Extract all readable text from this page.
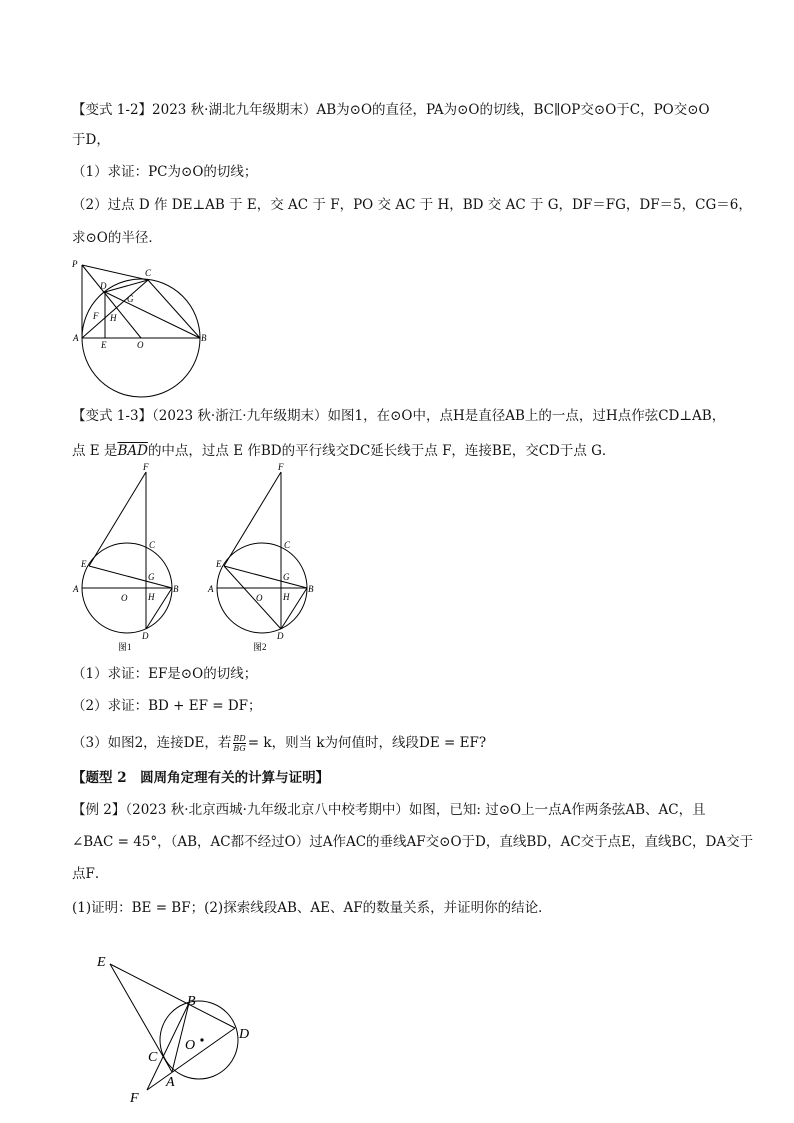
【变式 1-2】2023 秋·湖北九年级期末）AB为⊙O的直径，PA为⊙O的切线，BC∥OP交⊙O于C，PO交⊙O
于D，
（1）求证：PC为⊙O的切线；
（2）过点 D 作 DE⊥AB 于 E，交 AC 于 F，PO 交 AC 于 H，BD 交 AC 于 G，DF＝FG，DF＝5，CG＝6，
求⊙O的半径．
P
C
D
G
F H
A
E	O
B
【变式 1-3】（2023 秋·浙江·九年级期末）如图1，在⊙O中，点H是直径AB上的一点，过H点作弦CD⊥AB，
点 E 是$\overline{BAD}$的中点，过点 E 作BD的平行线交DC延长线于点 F，连接BE，交CD于点 G．
F
C
E
G
A
O H
B
D
图1
F
C
E
G
A
O H
B
D
图2
（1）求证：EF是⊙O的切线；
（2）求证：BD + EF = DF；
（3）如图2，连接DE，若 $\frac{BD}{BG} = k$，则当 k为何值时，线段DE = EF?
【题型 2　圆周角定理有关的计算与证明】
【例 2】（2023 秋·北京西城·九年级北京八中校考期中）如图，已知: 过⊙O上一点A作两条弦AB、AC，且
∠BAC = 45°，（AB，AC都不经过O）过A作AC的垂线AF交⊙O于D，直线BD，AC交于点E，直线BC，DA交于
点F．
(1)证明：BE = BF；(2)探索线段AB、AE、AF的数量关系，并证明你的结论．
E
B
D
O
C
A
F
